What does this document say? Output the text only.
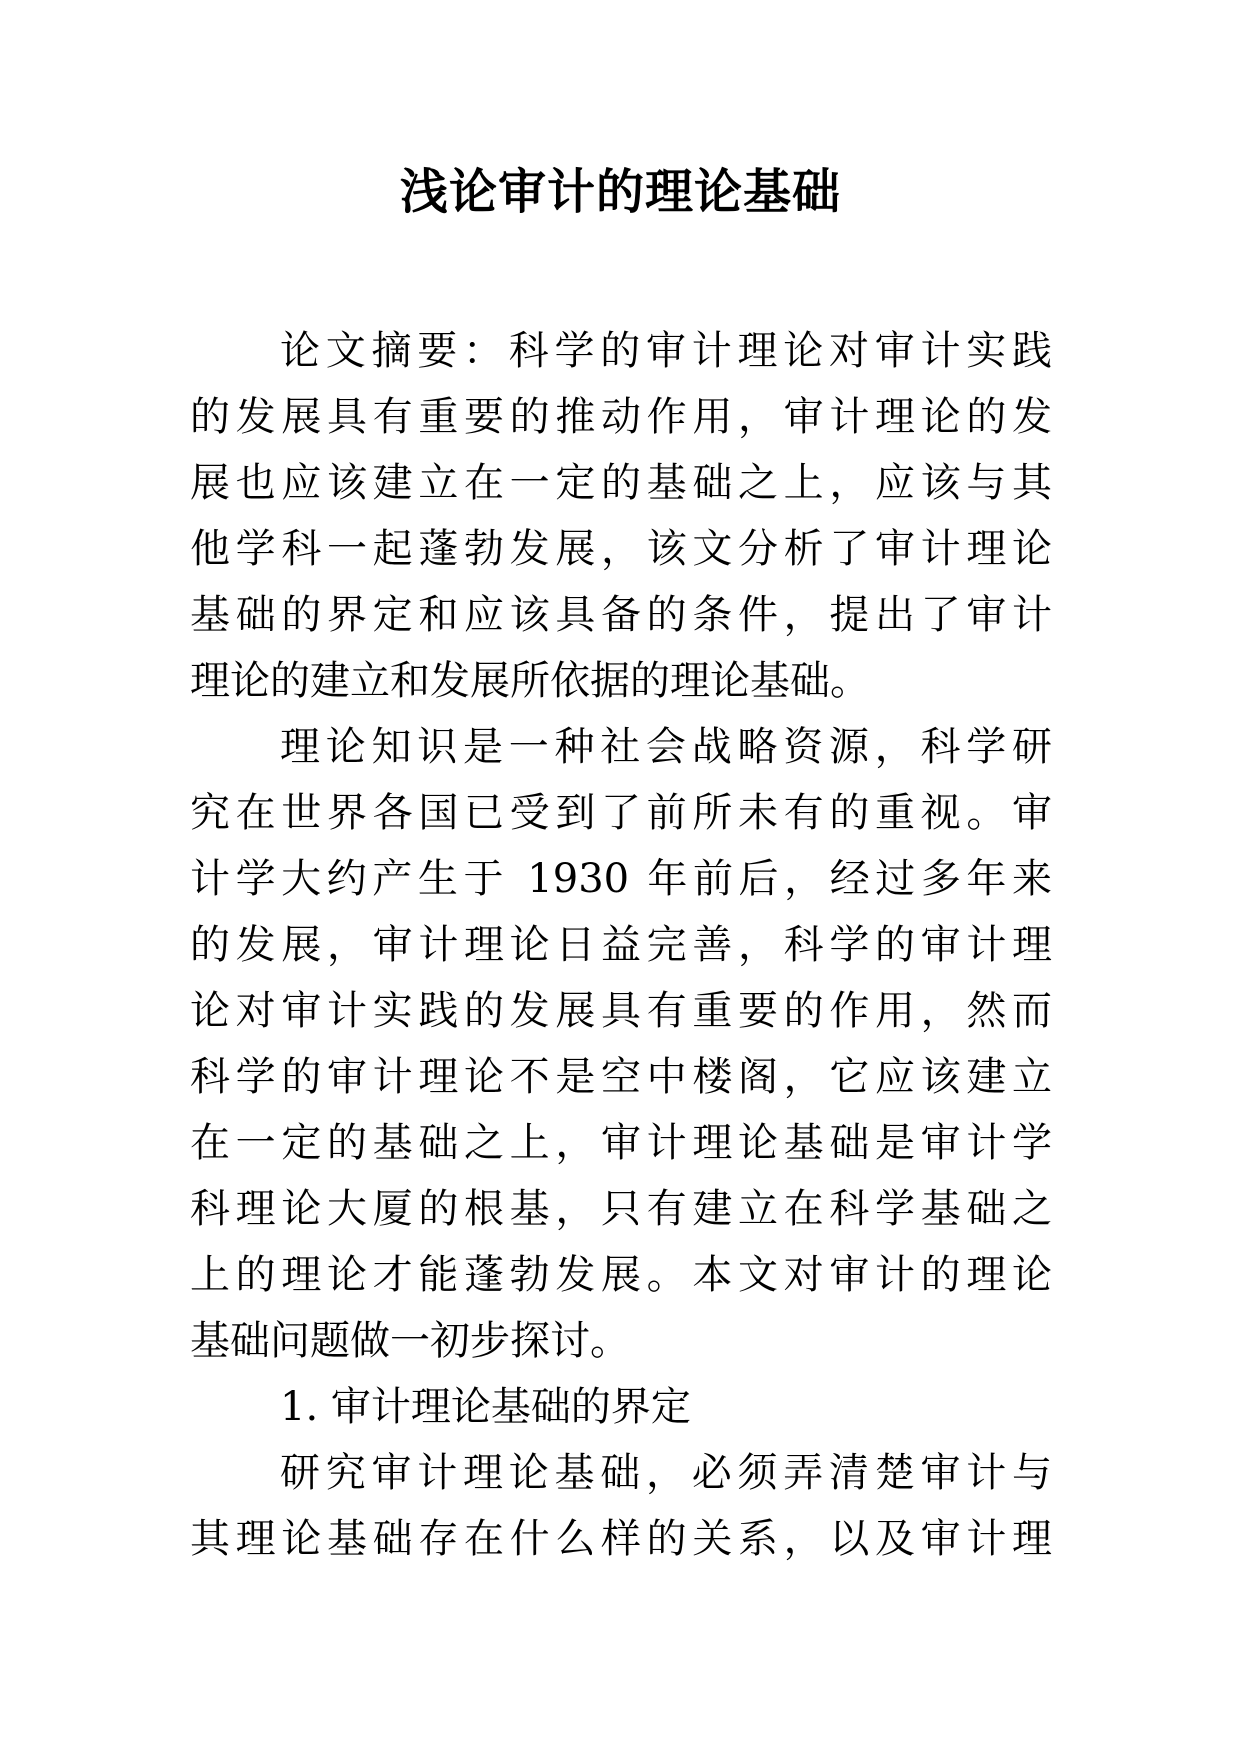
浅论审计的理论基础
论文摘要：科学的审计理论对审计实践
的发展具有重要的推动作用，审计理论的发
展也应该建立在一定的基础之上，应该与其
他学科一起蓬勃发展，该文分析了审计理论
基础的界定和应该具备的条件，提出了审计
理论的建立和发展所依据的理论基础。
理论知识是一种社会战略资源，科学研
究在世界各国已受到了前所未有的重视。审
计学大约产生于 1930 年前后，经过多年来
的发展，审计理论日益完善，科学的审计理
论对审计实践的发展具有重要的作用，然而
科学的审计理论不是空中楼阁，它应该建立
在一定的基础之上，审计理论基础是审计学
科理论大厦的根基，只有建立在科学基础之
上的理论才能蓬勃发展。本文对审计的理论
基础问题做一初步探讨。
1. 审计理论基础的界定
研究审计理论基础，必须弄清楚审计与
其理论基础存在什么样的关系，以及审计理
